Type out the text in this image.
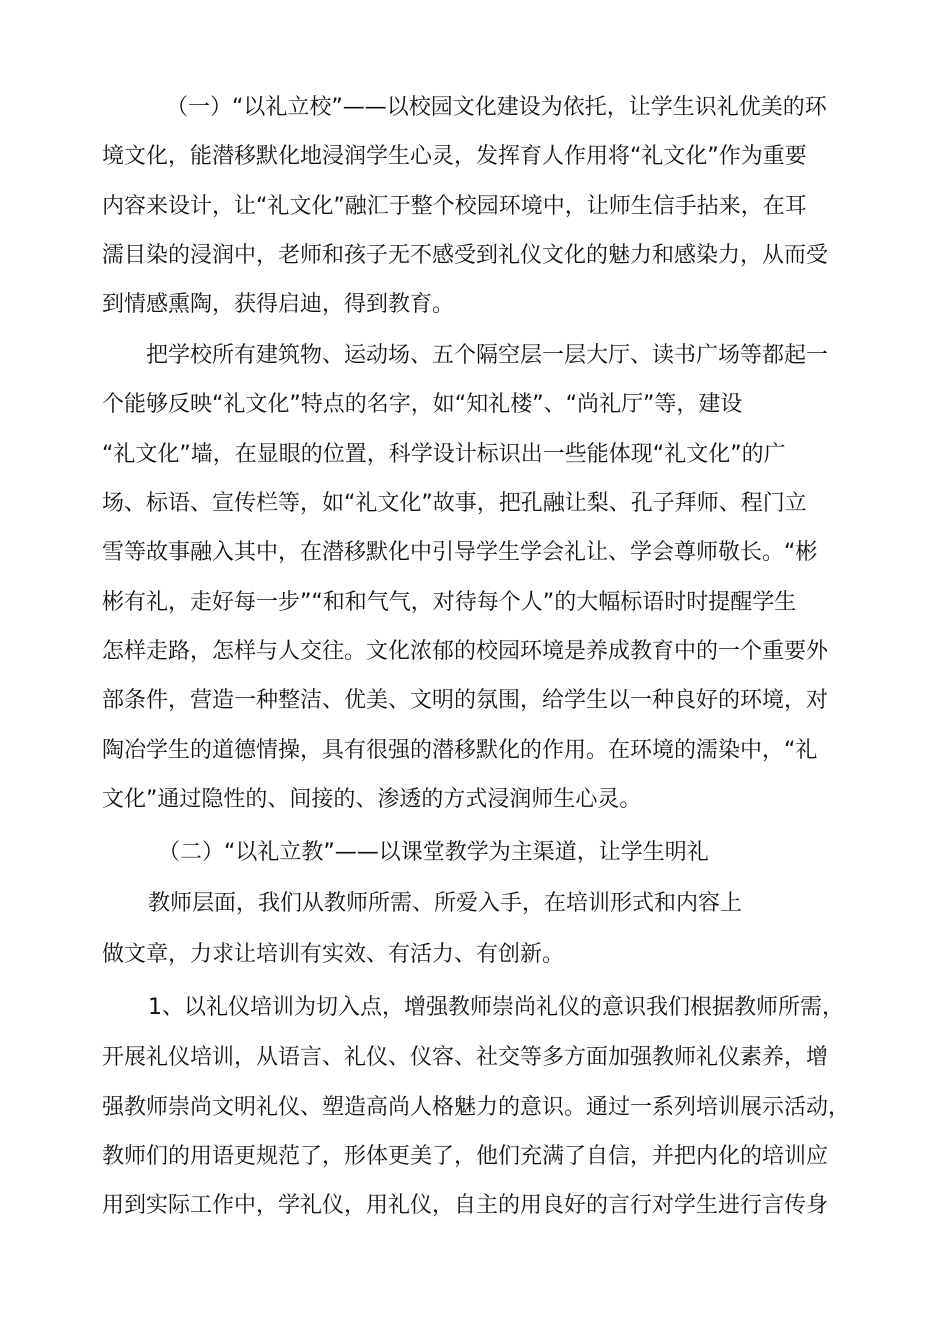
（一）“以礼立校”——以校园文化建设为依托，让学生识礼优美的环
境文化，能潜移默化地浸润学生心灵，发挥育人作用将“礼文化”作为重要
内容来设计，让“礼文化”融汇于整个校园环境中，让师生信手拈来，在耳
濡目染的浸润中，老师和孩子无不感受到礼仪文化的魅力和感染力，从而受
到情感熏陶，获得启迪，得到教育。
把学校所有建筑物、运动场、五个隔空层一层大厅、读书广场等都起一
个能够反映“礼文化”特点的名字，如“知礼楼”、“尚礼厅”等，建设
“礼文化”墙，在显眼的位置，科学设计标识出一些能体现“礼文化”的广
场、标语、宣传栏等，如“礼文化”故事，把孔融让梨、孔子拜师、程门立
雪等故事融入其中，在潜移默化中引导学生学会礼让、学会尊师敬长。“彬
彬有礼，走好每一步”“和和气气，对待每个人”的大幅标语时时提醒学生
怎样走路，怎样与人交往。文化浓郁的校园环境是养成教育中的一个重要外
部条件，营造一种整洁、优美、文明的氛围，给学生以一种良好的环境，对
陶冶学生的道德情操，具有很强的潜移默化的作用。在环境的濡染中，“礼
文化”通过隐性的、间接的、渗透的方式浸润师生心灵。
（二）“以礼立教”——以课堂教学为主渠道，让学生明礼
教师层面，我们从教师所需、所爱入手，在培训形式和内容上
做文章，力求让培训有实效、有活力、有创新。
1、以礼仪培训为切入点，增强教师崇尚礼仪的意识我们根据教师所需，
开展礼仪培训，从语言、礼仪、仪容、社交等多方面加强教师礼仪素养，增
强教师崇尚文明礼仪、塑造高尚人格魅力的意识。通过一系列培训展示活动，
教师们的用语更规范了，形体更美了，他们充满了自信，并把内化的培训应
用到实际工作中，学礼仪，用礼仪，自主的用良好的言行对学生进行言传身
